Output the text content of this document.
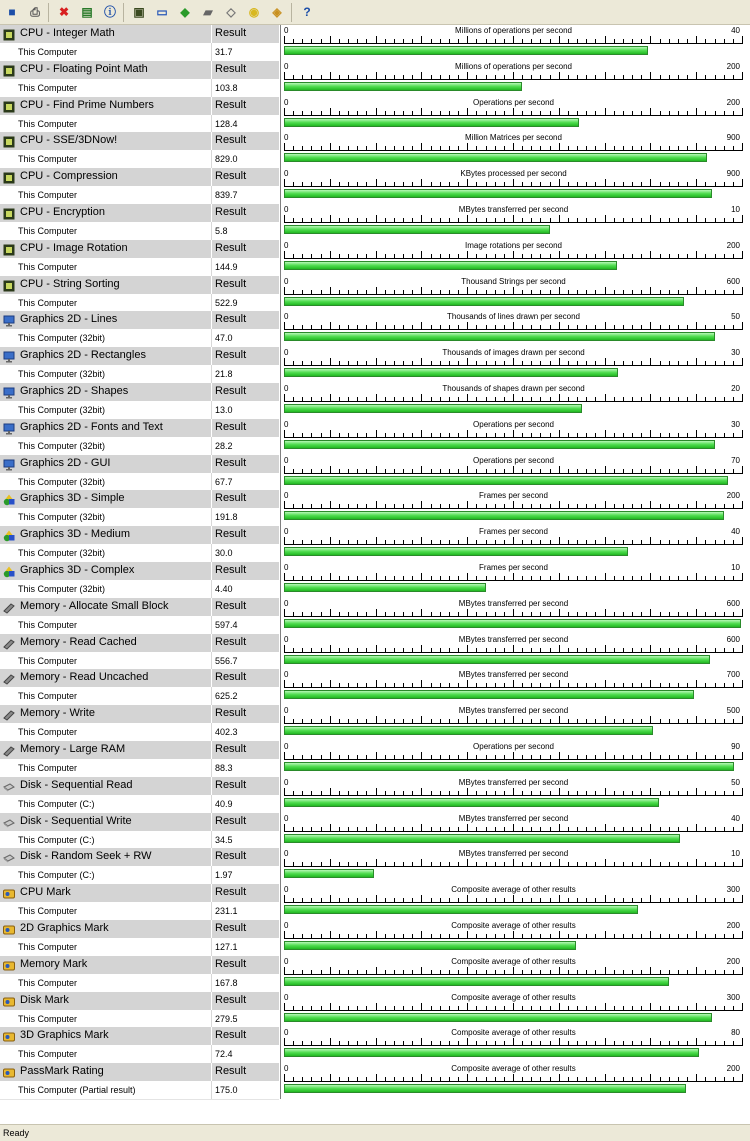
■ ⎙ ✖ ▤ ⓘ ▣ ▭ ◆ ▰ ◇ ◉ ◈ ?
CPU - Integer Math	Result
This Computer	31.7
0	Millions of operations per second	40
CPU - Floating Point Math	Result
This Computer	103.8
0	Millions of operations per second	200
CPU - Find Prime Numbers	Result
This Computer	128.4
0	Operations per second	200
CPU - SSE/3DNow!	Result
This Computer	829.0
0	Million Matrices per second	900
CPU - Compression	Result
This Computer	839.7
0	KBytes processed per second	900
CPU - Encryption	Result
This Computer	5.8
0	MBytes transferred per second	10
CPU - Image Rotation	Result
This Computer	144.9
0	Image rotations per second	200
CPU - String Sorting	Result
This Computer	522.9
0	Thousand Strings per second	600
Graphics 2D - Lines	Result
This Computer (32bit)	47.0
0	Thousands of lines drawn per second	50
Graphics 2D - Rectangles	Result
This Computer (32bit)	21.8
0	Thousands of images drawn per second	30
Graphics 2D - Shapes	Result
This Computer (32bit)	13.0
0	Thousands of shapes drawn per second	20
Graphics 2D - Fonts and Text	Result
This Computer (32bit)	28.2
0	Operations per second	30
Graphics 2D - GUI	Result
This Computer (32bit)	67.7
0	Operations per second	70
Graphics 3D - Simple	Result
This Computer (32bit)	191.8
0	Frames per second	200
Graphics 3D - Medium	Result
This Computer (32bit)	30.0
0	Frames per second	40
Graphics 3D - Complex	Result
This Computer (32bit)	4.40
0	Frames per second	10
Memory - Allocate Small Block	Result
This Computer	597.4
0	MBytes transferred per second	600
Memory - Read Cached	Result
This Computer	556.7
0	MBytes transferred per second	600
Memory - Read Uncached	Result
This Computer	625.2
0	MBytes transferred per second	700
Memory - Write	Result
This Computer	402.3
0	MBytes transferred per second	500
Memory - Large RAM	Result
This Computer	88.3
0	Operations per second	90
Disk - Sequential Read	Result
This Computer (C:)	40.9
0	MBytes transferred per second	50
Disk - Sequential Write	Result
This Computer (C:)	34.5
0	MBytes transferred per second	40
Disk - Random Seek + RW	Result
This Computer (C:)	1.97
0	MBytes transferred per second	10
CPU Mark	Result
This Computer	231.1
0	Composite average of other results	300
2D Graphics Mark	Result
This Computer	127.1
0	Composite average of other results	200
Memory Mark	Result
This Computer	167.8
0	Composite average of other results	200
Disk Mark	Result
This Computer	279.5
0	Composite average of other results	300
3D Graphics Mark	Result
This Computer	72.4
0	Composite average of other results	80
PassMark Rating	Result
This Computer (Partial result)	175.0
0	Composite average of other results	200
Ready
